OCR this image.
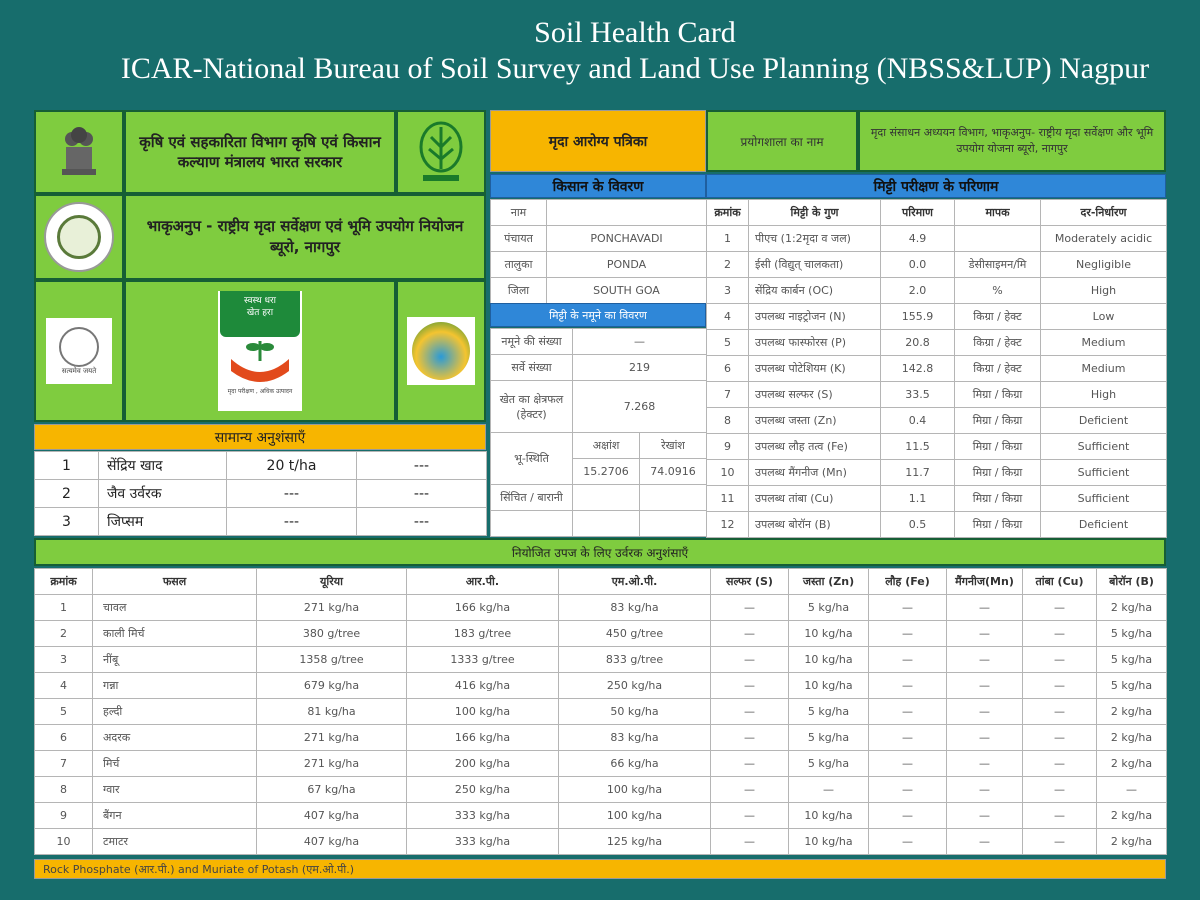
Soil Health Card
ICAR-National Bureau of Soil Survey and Land Use Planning (NBSS&LUP) Nagpur
कृषि एवं सहकारिता विभाग कृषि एवं किसान कल्याण मंत्रालय भारत सरकार
भाकृअनुप - राष्ट्रीय मृदा सर्वेक्षण एवं भूमि उपयोग नियोजन ब्यूरो, नागपुर
सत्यमेव जयते
स्वस्थ धरा
खेत हरा
मृदा परीक्षण , अधिक उत्पादन
सामान्य अनुशंसाएँ
1	सेंद्रिय खाद	20 t/ha	---
2	जैव उर्वरक	---	---
3	जिप्सम	---	---
मृदा आरोग्य पत्रिका	प्रयोगशाला का नाम
मृदा संसाधन अध्ययन विभाग, भाकृअनुप- राष्ट्रीय मृदा सर्वेक्षण और भूमि उपयोग योजना ब्यूरो, नागपुर
किसान के विवरण	मिट्टी परीक्षण के परिणाम
नाम	
पंचायत	PONCHAVADI
तालुका	PONDA
जिला	SOUTH GOA
मिट्टी के नमूने का विवरण
नमूने की संख्या	—	
सर्वे संख्या	219	
खेत का क्षेत्रफल (हेक्टर)	7.268	
भू-स्थिति	अक्षांश	रेखांश
	15.2706	74.0916
सिंचित / बारानी		

क्रमांक	मिट्टी के गुण	परिमाण	मापक	दर-निर्धारण
1	पीएच (1:2मृदा व जल)	4.9		Moderately acidic
2	ईसी (विद्युत् चालकता)	0.0	डेसीसाइमन/मि	Negligible
3	सेंद्रिय कार्बन (OC)	2.0	%	High
4	उपलब्ध नाइट्रोजन (N)	155.9	किग्रा / हेक्ट	Low
5	उपलब्ध फास्फोरस (P)	20.8	किग्रा / हेक्ट	Medium
6	उपलब्ध पोटेशियम (K)	142.8	किग्रा / हेक्ट	Medium
7	उपलब्ध सल्फर (S)	33.5	मिग्रा / किग्रा	High
8	उपलब्ध जस्ता (Zn)	0.4	मिग्रा / किग्रा	Deficient
9	उपलब्ध लौह तत्व (Fe)	11.5	मिग्रा / किग्रा	Sufficient
10	उपलब्ध मैंगनीज (Mn)	11.7	मिग्रा / किग्रा	Sufficient
11	उपलब्ध तांबा (Cu)	1.1	मिग्रा / किग्रा	Sufficient
12	उपलब्ध बोरॉन (B)	0.5	मिग्रा / किग्रा	Deficient
नियोजित उपज के लिए उर्वरक अनुशंसाएँ
क्रमांक	फसल	यूरिया	आर.पी.	एम.ओ.पी.	सल्फर (S)	जस्ता (Zn)	लौह (Fe)	मैंगनीज(Mn)	तांबा (Cu)	बोरॉन (B)
1	चावल	271 kg/ha	166 kg/ha	83 kg/ha	—	5 kg/ha	—	—	—	2 kg/ha
2	काली मिर्च	380 g/tree	183 g/tree	450 g/tree	—	10 kg/ha	—	—	—	5 kg/ha
3	नींबू	1358 g/tree	1333 g/tree	833 g/tree	—	10 kg/ha	—	—	—	5 kg/ha
4	गन्ना	679 kg/ha	416 kg/ha	250 kg/ha	—	10 kg/ha	—	—	—	5 kg/ha
5	हल्दी	81 kg/ha	100 kg/ha	50 kg/ha	—	5 kg/ha	—	—	—	2 kg/ha
6	अदरक	271 kg/ha	166 kg/ha	83 kg/ha	—	5 kg/ha	—	—	—	2 kg/ha
7	मिर्च	271 kg/ha	200 kg/ha	66 kg/ha	—	5 kg/ha	—	—	—	2 kg/ha
8	ग्वार	67 kg/ha	250 kg/ha	100 kg/ha	—	—	—	—	—	—
9	बैंगन	407 kg/ha	333 kg/ha	100 kg/ha	—	10 kg/ha	—	—	—	2 kg/ha
10	टमाटर	407 kg/ha	333 kg/ha	125 kg/ha	—	10 kg/ha	—	—	—	2 kg/ha
Rock Phosphate (आर.पी.) and Muriate of Potash (एम.ओ.पी.)
